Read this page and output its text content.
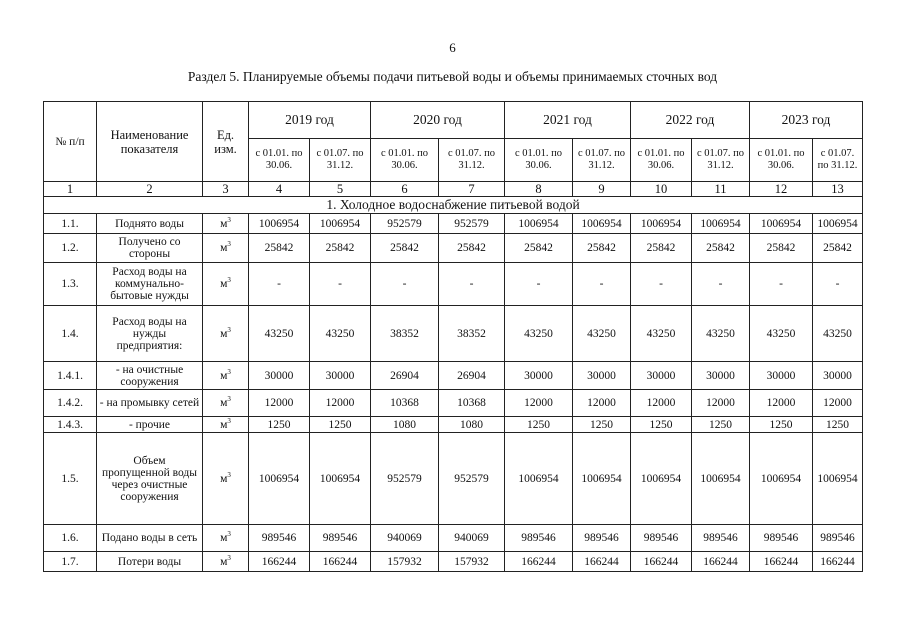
6
Раздел 5. Планируемые объемы подачи питьевой воды и объемы принимаемых сточных вод
№ п/п	Наименование показателя	Ед. изм.	2019 год		2020 год		2021 год		2022 год		2023 год	
			с 01.01. по 30.06.	с 01.07. по 31.12.	с 01.01. по 30.06.	с 01.07. по 31.12.	с 01.01. по 30.06.	с 01.07. по 31.12.	с 01.01. по 30.06.	с 01.07. по 31.12.	с 01.01. по 30.06.	с 01.07. по 31.12.
1	2	3	4	5	6	7	8	9	10	11	12	13
1. Холодное водоснабжение питьевой водой												
1.1.	Поднято воды	$м^3$	1006954	1006954	952579	952579	1006954	1006954	1006954	1006954	1006954	1006954
1.2.	Получено со стороны	$м^3$	25842	25842	25842	25842	25842	25842	25842	25842	25842	25842
1.3.	Расход воды на коммунально-бытовые нужды	$м^3$	-	-	-	-	-	-	-	-	-	-
1.4.	Расход воды на нужды предприятия:	$м^3$	43250	43250	38352	38352	43250	43250	43250	43250	43250	43250
1.4.1.	- на очистные сооружения	$м^3$	30000	30000	26904	26904	30000	30000	30000	30000	30000	30000
1.4.2.	- на промывку сетей	$м^3$	12000	12000	10368	10368	12000	12000	12000	12000	12000	12000
1.4.3.	- прочие	$м^3$	1250	1250	1080	1080	1250	1250	1250	1250	1250	1250
1.5.	Объем пропущенной воды через очистные сооружения	$м^3$	1006954	1006954	952579	952579	1006954	1006954	1006954	1006954	1006954	1006954
1.6.	Подано воды в сеть	$м^3$	989546	989546	940069	940069	989546	989546	989546	989546	989546	989546
1.7.	Потери воды	$м^3$	166244	166244	157932	157932	166244	166244	166244	166244	166244	166244
